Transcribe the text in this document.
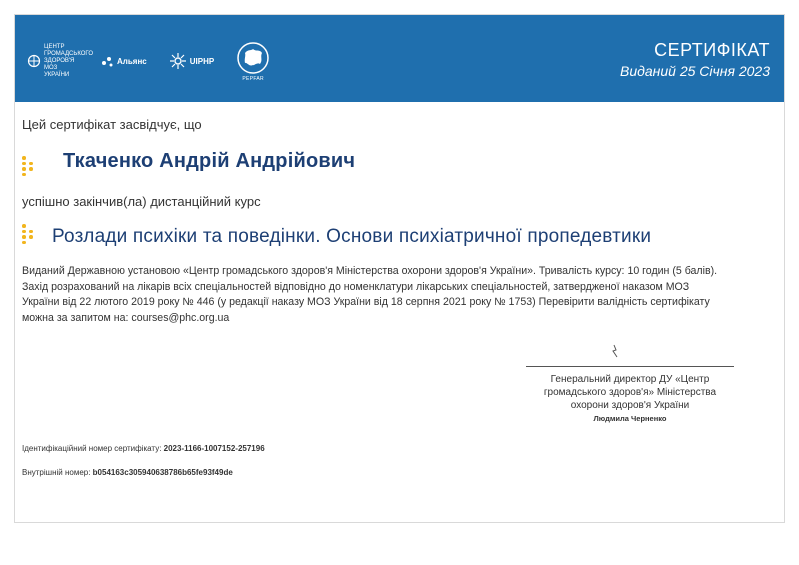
ЦЕНТР ГРОМАДСЬКОГО ЗДОРОВ'Я МОЗ УКРАЇНИ
Альянс	UIPHP
PEPFAR
СЕРТИФІКАТ
Виданий 25 Січня 2023
Цей сертифікат засвідчує, що
Ткаченко Андрій Андрійович
успішно закінчив(ла) дистанційний курс
Розлади психіки та поведінки. Основи психіатричної пропедевтики
Виданий Державною установою «Центр громадського здоров'я Міністерства охорони здоров'я України». Тривалість курсу: 10 годин (5 балів). Захід розрахований на лікарів всіх спеціальностей відповідно до номенклатури лікарських спеціальностей, затвердженої наказом МОЗ України від 22 лютого 2019 року № 446 (у редакції наказу МОЗ України від 18 серпня 2021 року № 1753) Перевірити валідність сертифікату можна за запитом на: courses@phc.org.ua
Генеральний директор ДУ «Центр громадського здоров'я» Міністерства охорони здоров'я України
Людмила Черненко
Ідентифікаційний номер сертифікату: 2023-1166-1007152-257196
Внутрішній номер: b054163c305940638786b65fe93f49de
